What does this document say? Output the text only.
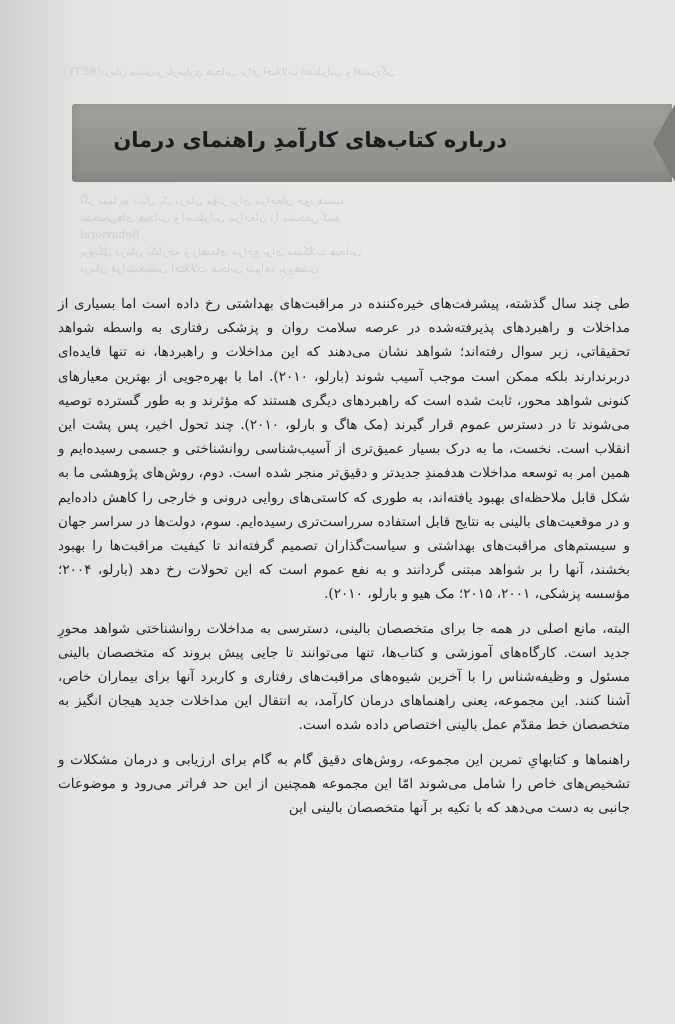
(RET)درمانِ مبتنی‌بر بازسازیِ هیجانی برای اختلالات اضطرابی و افسردگی
اگر شما به دنبال یک درمان مؤثر برای مراجعان خود هستید
تشخیص‌های هیجانی و اضطرابی مراجعان را مشخص کنید
Behavioral
پروتکل درمان یکپارچه و راهنمای مراجع برای مشکلات هیجانی
درمان فراتشخیصی اختلالات هیجانی شواهد پژوهشی
درباره کتاب‌های کارآمدِ راهنمای درمان

طی چند سال گذشته، پیشرفت‌های خیره‌کننده در مراقبت‌های بهداشتی رخ داده است اما بسیاری از مداخلات و راهبردهای پذیرفته‌شده در عرصه سلامت روان و پزشکی رفتاری به واسطه شواهد تحقیقاتی، زیر سوال رفته‌اند؛ شواهد نشان می‌دهند که این مداخلات و راهبردها، نه تنها فایده‌ای دربرندارند بلکه ممکن است موجب آسیب شوند (بارلو، ۲۰۱۰). اما با بهره‌جویی از بهترین معیارهای کنونی شواهد محور، ثابت شده است که راهبردهای دیگری هستند که مؤثرند و به طور گسترده توصیه می‌شوند تا در دسترس عموم قرار گیرند (مک هاگ و بارلو، ۲۰۱۰). چند تحول اخیر، پس پشت این انقلاب است. نخست، ما به درک بسیار عمیق‌تری از آسیب‌شناسی روانشناختی و جسمی رسیده‌ایم و همین امر به توسعه مداخلات هدفمندِ جدیدتر و دقیق‌تر منجر شده است. دوم، روش‌های پژوهشی ما به شکل قابل ملاحظه‌ای بهبود یافته‌اند، به طوری که کاستی‌های روایی درونی و خارجی را کاهش داده‌ایم و در موقعیت‌های بالینی به نتایج قابل استفاده سرراست‌تری رسیده‌ایم. سوم، دولت‌ها در سراسر جهان و سیستم‌های مراقبت‌های بهداشتی و سیاست‌گذاران تصمیم گرفته‌اند تا کیفیت مراقبت‌ها را بهبود بخشند، آنها را بر شواهد مبتنی گردانند و به نفع عموم است که این تحولات رخ دهد (بارلو، ۲۰۰۴؛ مؤسسه پزشکی، ۲۰۰۱، ۲۰۱۵؛ مک هیو و بارلو، ۲۰۱۰).

البته، مانع اصلی در همه جا برای متخصصان بالینی، دسترسی به مداخلات روانشناختی شواهد محورِ جدید است. کارگاه‌های آموزشی و کتاب‌ها، تنها می‌توانند تا جایی پیش بروند که متخصصان بالینی مسئول و وظیفه‌شناس را با آخرین شیوه‌های مراقبت‌های رفتاری و کاربرد آنها برای بیماران خاص، آشنا کنند. این مجموعه، یعنی راهنماهای درمان کارآمد، به انتقال این مداخلات جدید هیجان انگیز به متخصصان خط مقدّم عمل بالینی اختصاص داده شده است.

راهنماها و کتابهایِ تمرین این مجموعه، روش‌های دقیق گام به گام برای ارزیابی و درمان مشکلات و تشخیص‌های خاص را شامل می‌شوند امّا این مجموعه همچنین از این حد فراتر می‌رود و موضوعات جانبی به دست می‌دهد که با تکیه بر آنها متخصصان بالینی این
